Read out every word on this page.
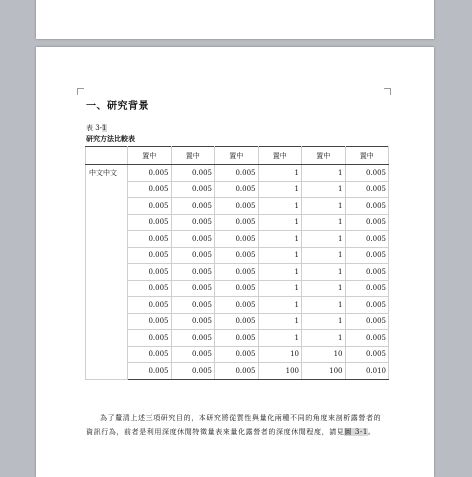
一、研究背景
表 3-1
研究方法比較表
	置中	置中	置中	置中	置中	置中
中文中文	0.005	0.005	0.005	1	1	0.005
	0.005	0.005	0.005	1	1	0.005
	0.005	0.005	0.005	1	1	0.005
	0.005	0.005	0.005	1	1	0.005
	0.005	0.005	0.005	1	1	0.005
	0.005	0.005	0.005	1	1	0.005
	0.005	0.005	0.005	1	1	0.005
	0.005	0.005	0.005	1	1	0.005
	0.005	0.005	0.005	1	1	0.005
	0.005	0.005	0.005	1	1	0.005
	0.005	0.005	0.005	1	1	0.005
	0.005	0.005	0.005	10	10	0.005
	0.005	0.005	0.005	100	100	0.010
為了釐清上述三項研究目的，本研究將從質性與量化兩種不同的角度來剖析露營者的資訊行為，前者是利用深度休閒特徵量表來量化露營者的深度休閒程度，請見圖 3-1。
